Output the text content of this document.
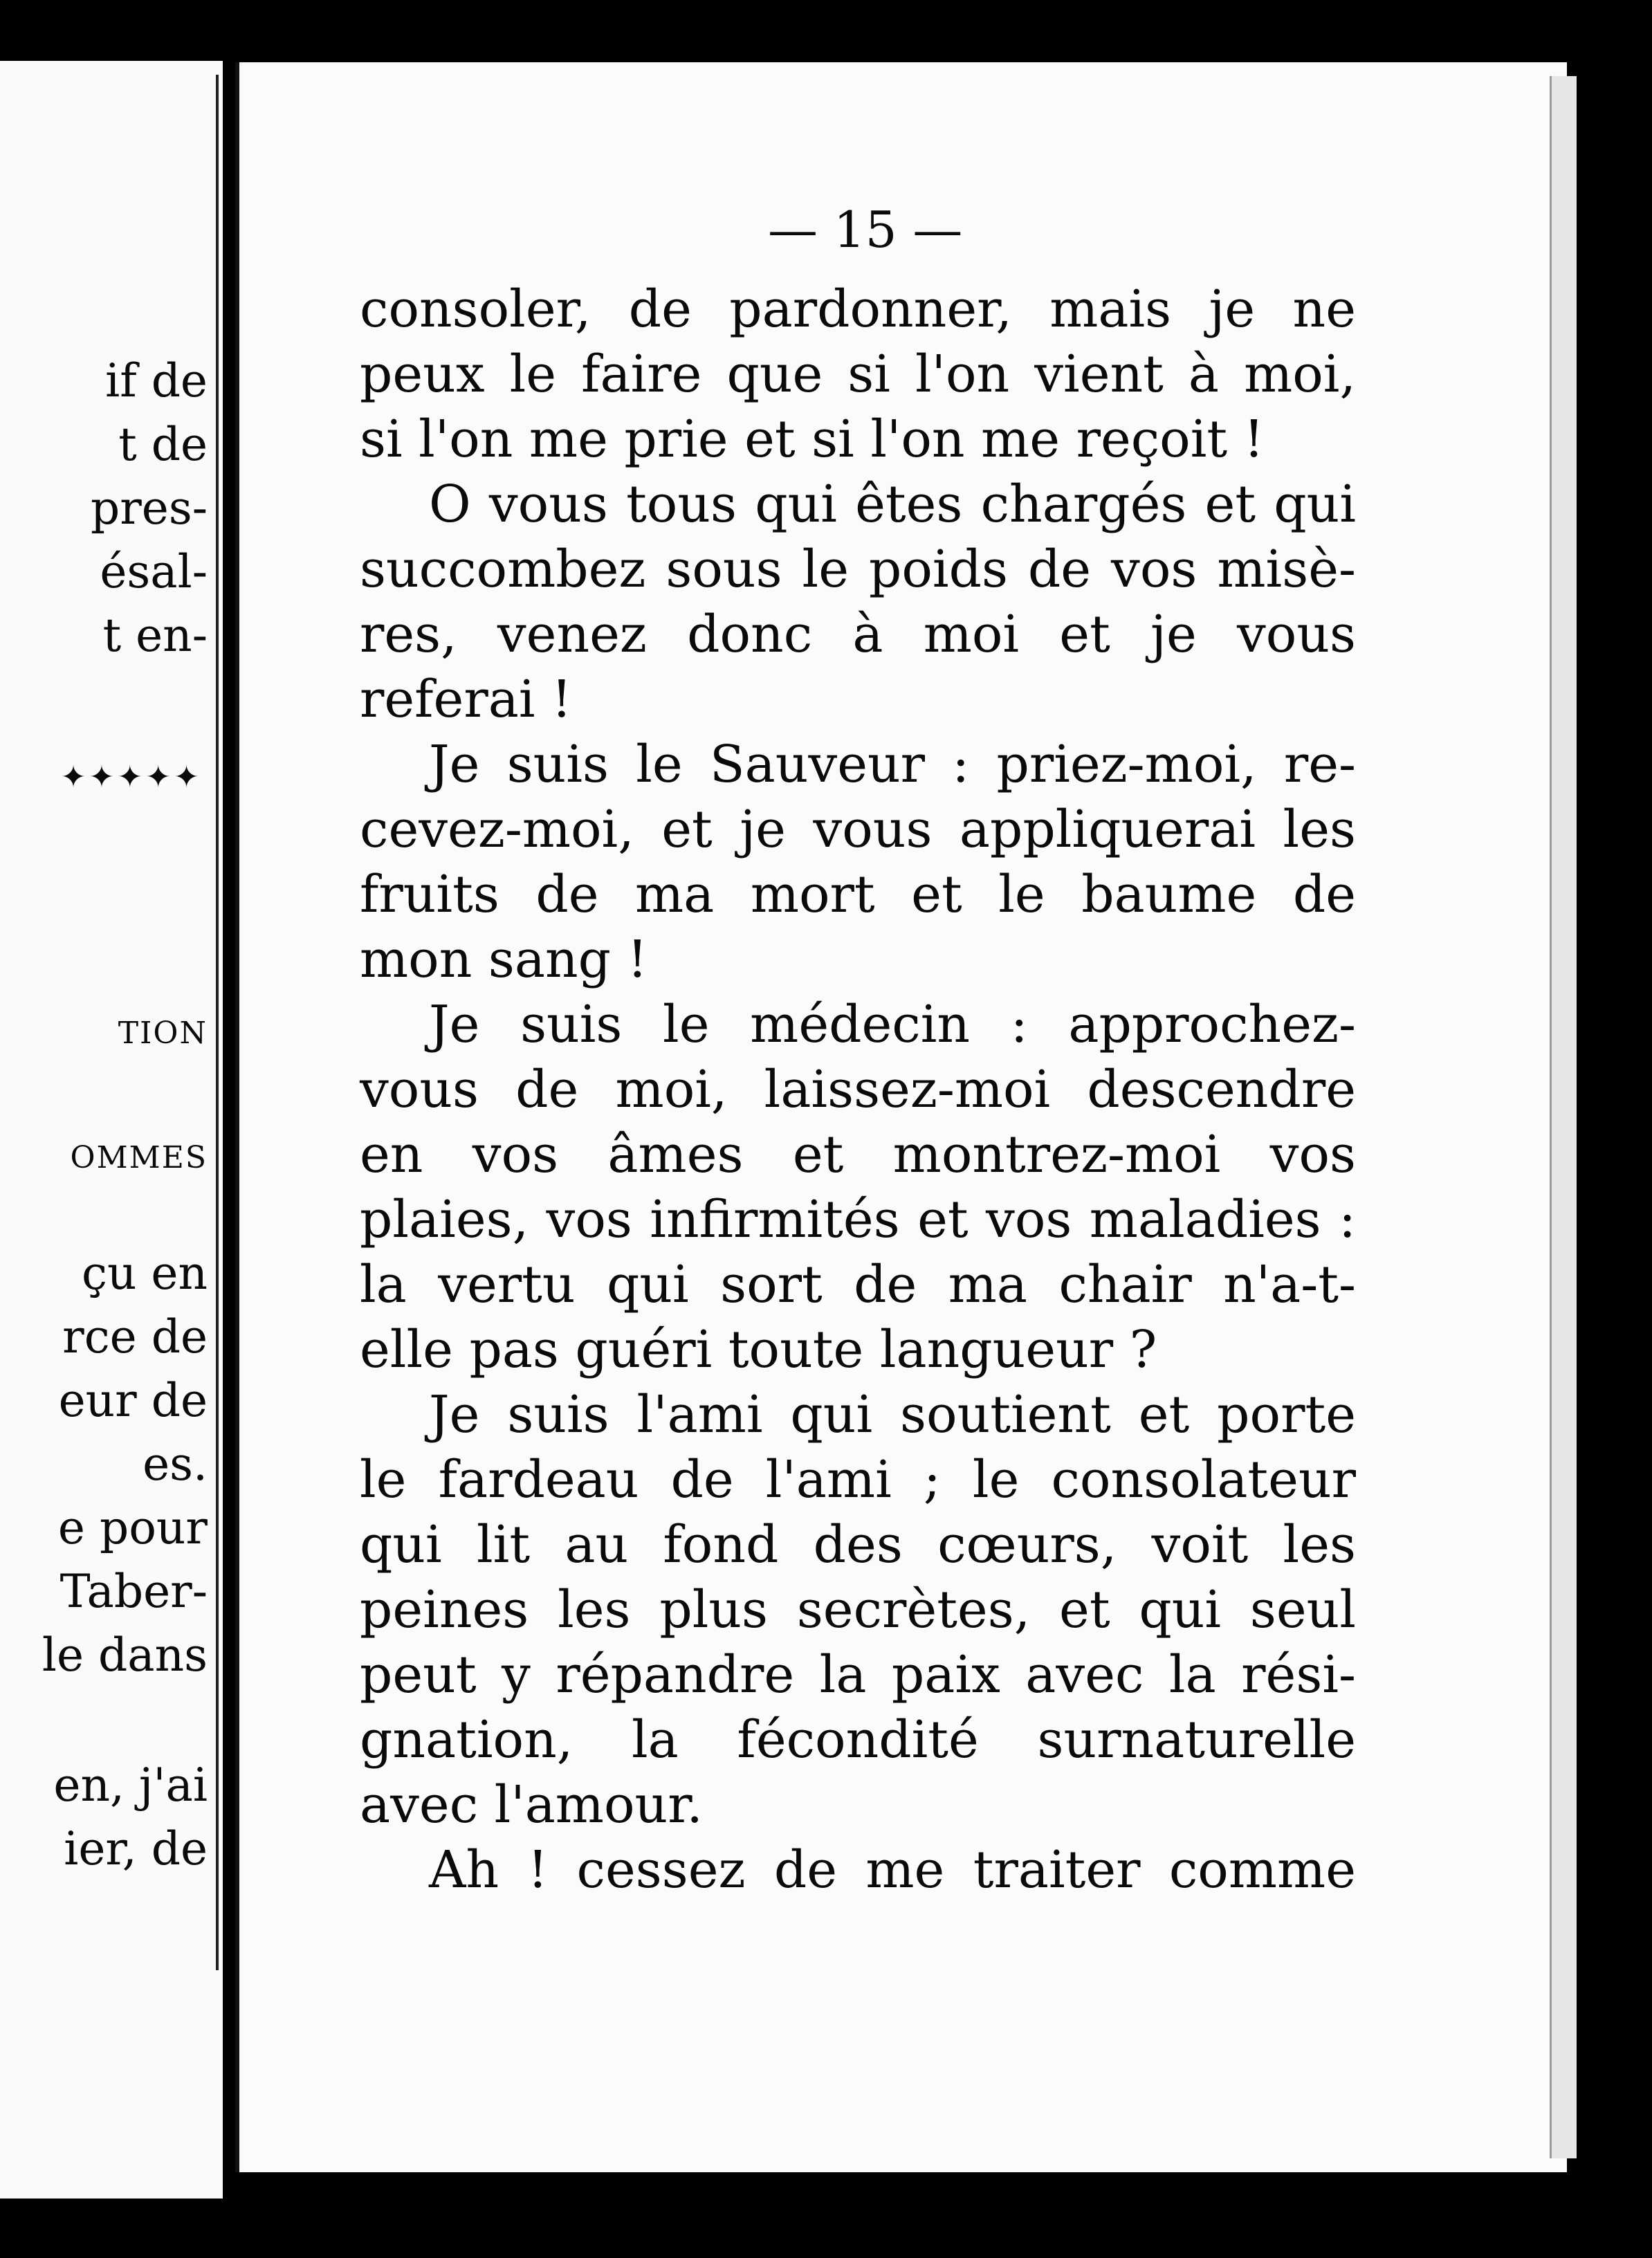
if de
t de
pres-
ésal-
t en-
✦✦✦✦✦
TION
OMMES
çu en
rce de
eur de
es.
e pour
Taber-
le dans
en, j'ai
ier, de
— 15 —
consoler, de pardonner, mais je ne
peux le faire que si l'on vient à moi,
si l'on me prie et si l'on me reçoit !
O vous tous qui êtes chargés et qui
succombez sous le poids de vos misè-
res, venez donc à moi et je vous
referai !
Je suis le Sauveur : priez-moi, re-
cevez-moi, et je vous appliquerai les
fruits de ma mort et le baume de
mon sang !
Je suis le médecin : approchez-
vous de moi, laissez-moi descendre
en vos âmes et montrez-moi vos
plaies, vos infirmités et vos maladies :
la vertu qui sort de ma chair n'a-t-
elle pas guéri toute langueur ?
Je suis l'ami qui soutient et porte
le fardeau de l'ami ; le consolateur
qui lit au fond des cœurs, voit les
peines les plus secrètes, et qui seul
peut y répandre la paix avec la rési-
gnation, la fécondité surnaturelle
avec l'amour.
Ah ! cessez de me traiter comme
